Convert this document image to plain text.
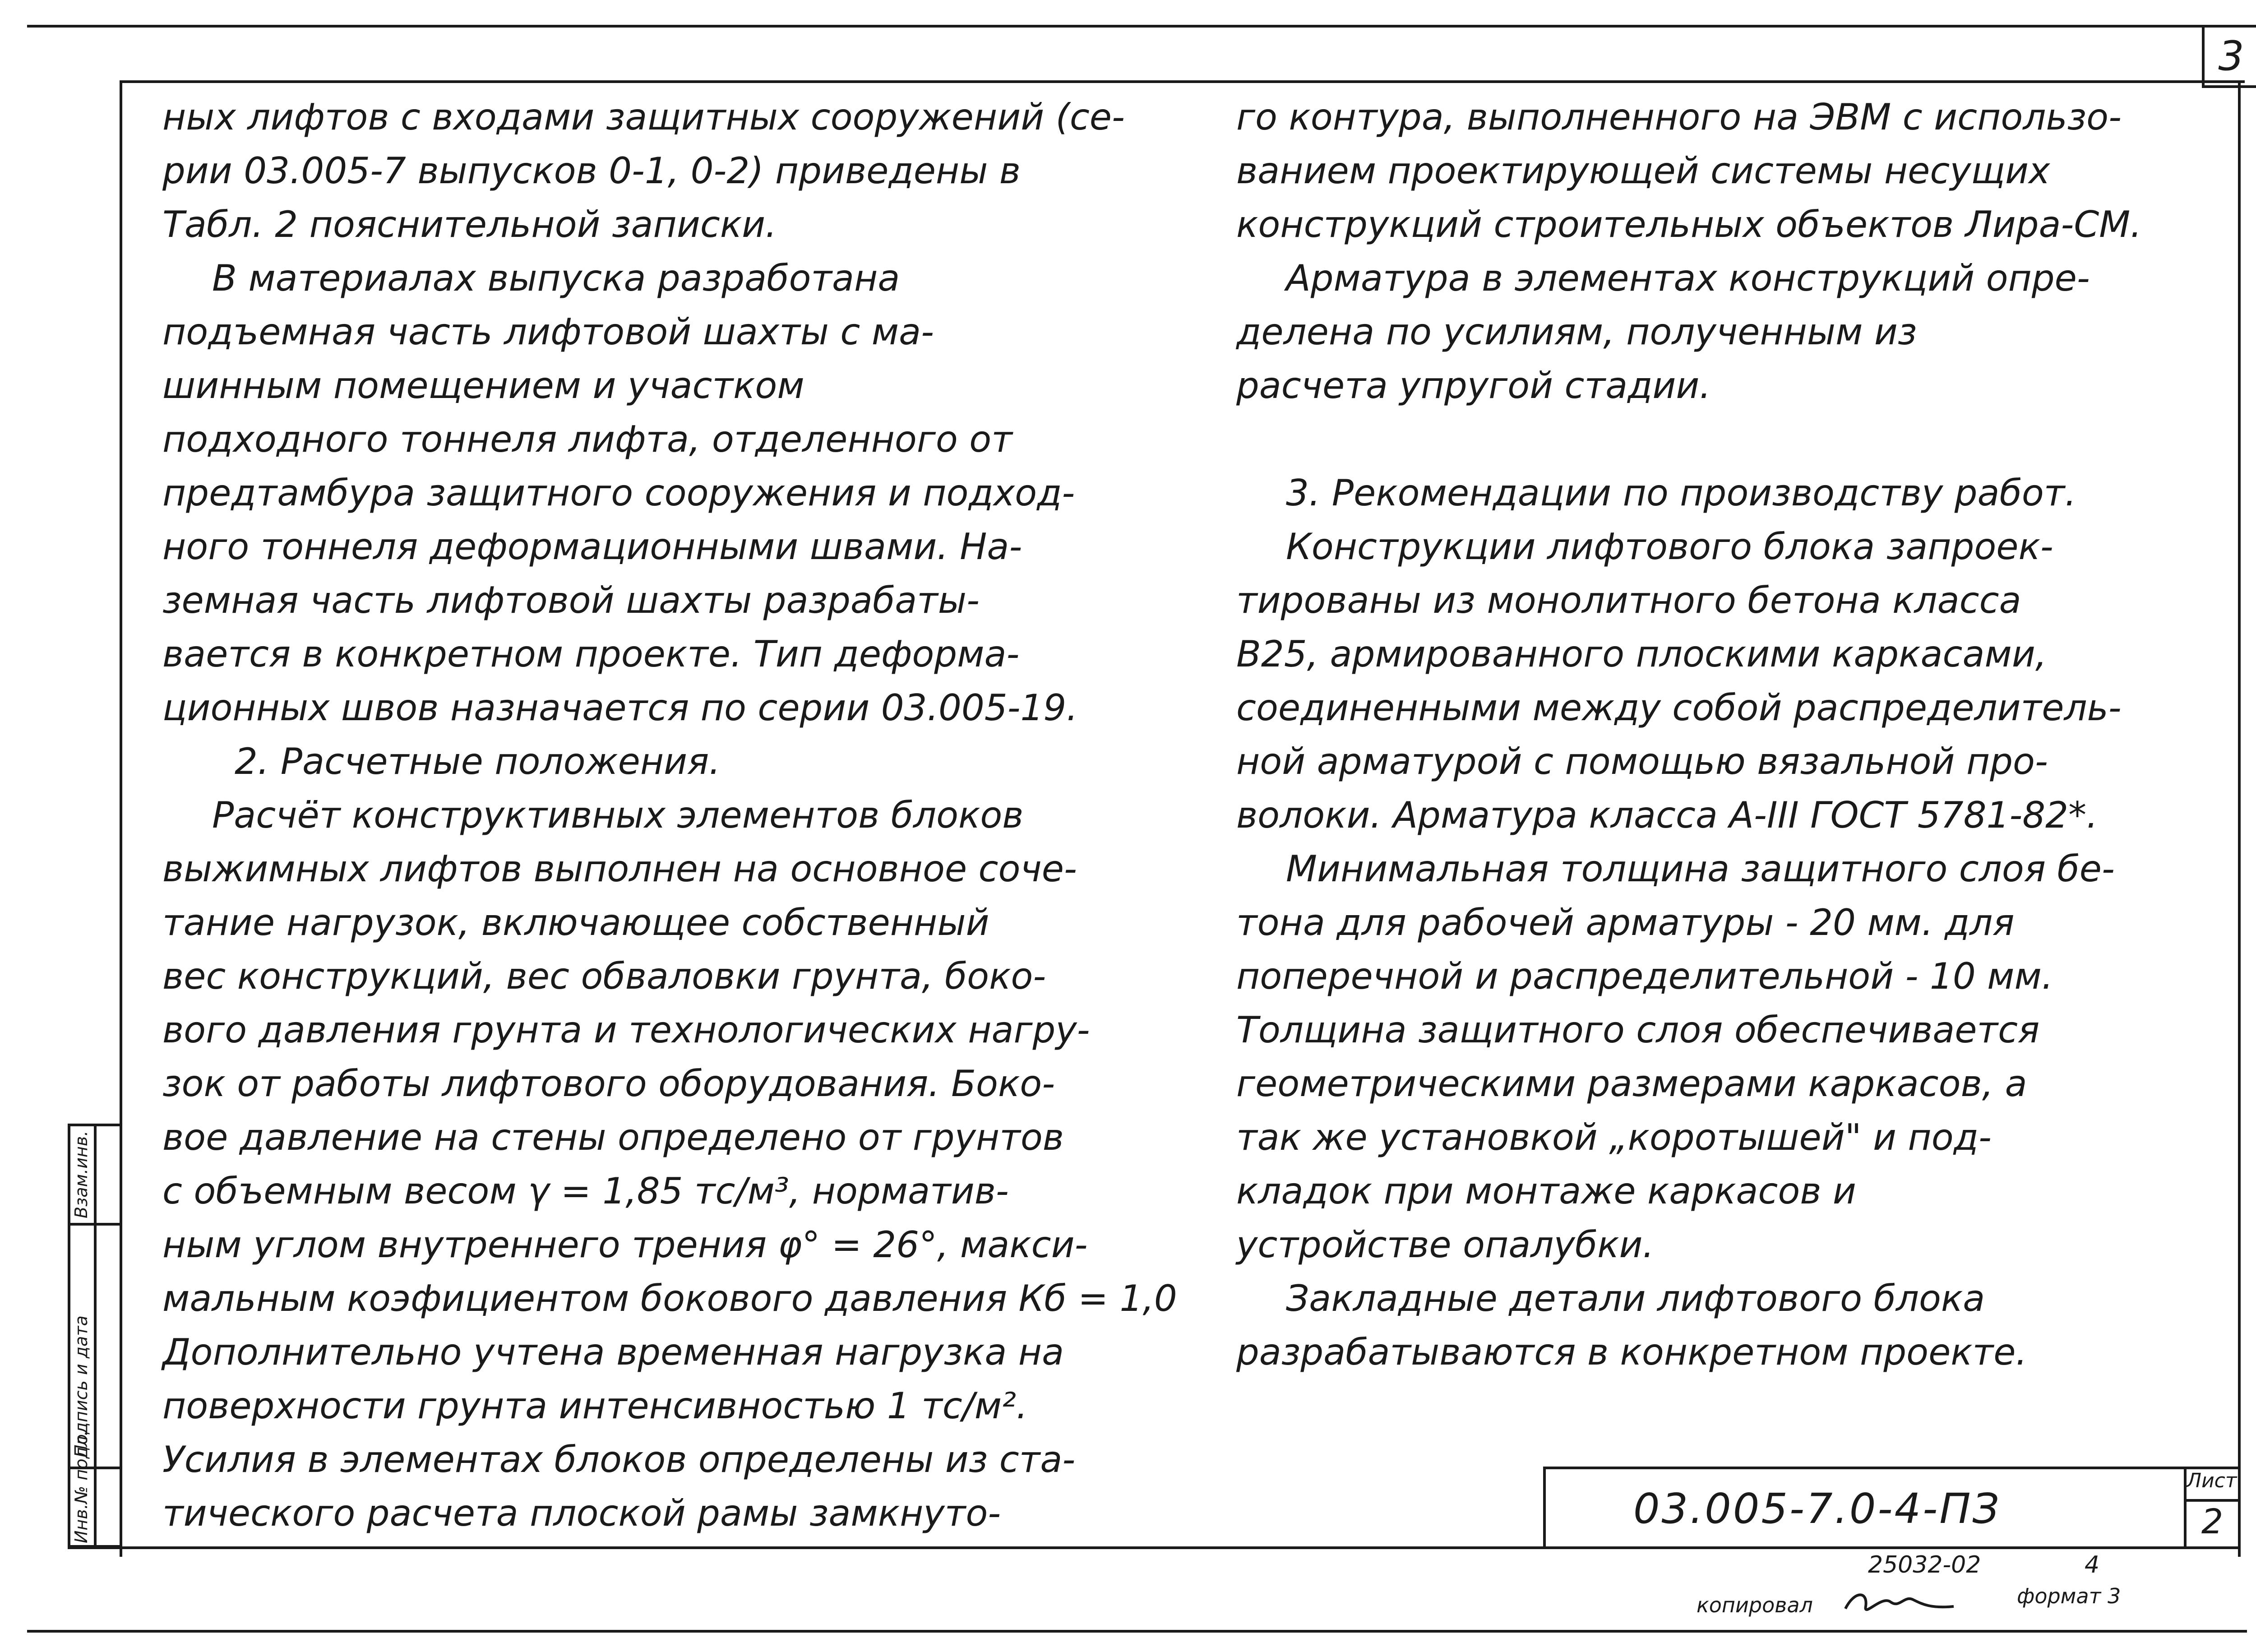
3
Взам.инв.
Подпись и дата
Инв.№ подл.
ных лифтов с входами защитных сооружений (се-
рии 03.005-7 выпусков 0-1, 0-2) приведены в
Табл. 2 пояснительной записки.
В материалах выпуска разработана
подъемная часть лифтовой шахты с ма-
шинным помещением и участком
подходного тоннеля лифта, отделенного от
предтамбура защитного сооружения и подход-
ного тоннеля деформационными швами. На-
земная часть лифтовой шахты разрабаты-
вается в конкретном проекте. Тип деформа-
ционных швов назначается по серии 03.005-19.
2. Расчетные положения.
Расчёт конструктивных элементов блоков
выжимных лифтов выполнен на основное соче-
тание нагрузок, включающее собственный
вес конструкций, вес обваловки грунта, боко-
вого давления грунта и технологических нагру-
зок от работы лифтового оборудования. Боко-
вое давление на стены определено от грунтов
с объемным весом γ = 1,85 тс/м³, норматив-
ным углом внутреннего трения φ° = 26°, макси-
мальным коэфициентом бокового давления Кб = 1,0
Дополнительно учтена временная нагрузка на
поверхности грунта интенсивностью 1 тс/м².
Усилия в элементах блоков определены из ста-
тического расчета плоской рамы замкнуто-
го контура, выполненного на ЭВМ с использо-
ванием проектирующей системы несущих
конструкций строительных объектов Лира-СМ.
Арматура в элементах конструкций опре-
делена по усилиям, полученным из
расчета упругой стадии.
3. Рекомендации по производству работ.
Конструкции лифтового блока запроек-
тированы из монолитного бетона класса
В25, армированного плоскими каркасами,
соединенными между собой распределитель-
ной арматурой с помощью вязальной про-
волоки. Арматура класса А-III ГОСТ 5781-82*.
Минимальная толщина защитного слоя бе-
тона для рабочей арматуры - 20 мм. для
поперечной и распределительной - 10 мм.
Толщина защитного слоя обеспечивается
геометрическими размерами каркасов, а
так же установкой „коротышей" и под-
кладок при монтаже каркасов и
устройстве опалубки.
Закладные детали лифтового блока
разрабатываются в конкретном проекте.
03.005-7.0-4-ПЗ
Лист
2
25032-02	4
копировал	формат 3
